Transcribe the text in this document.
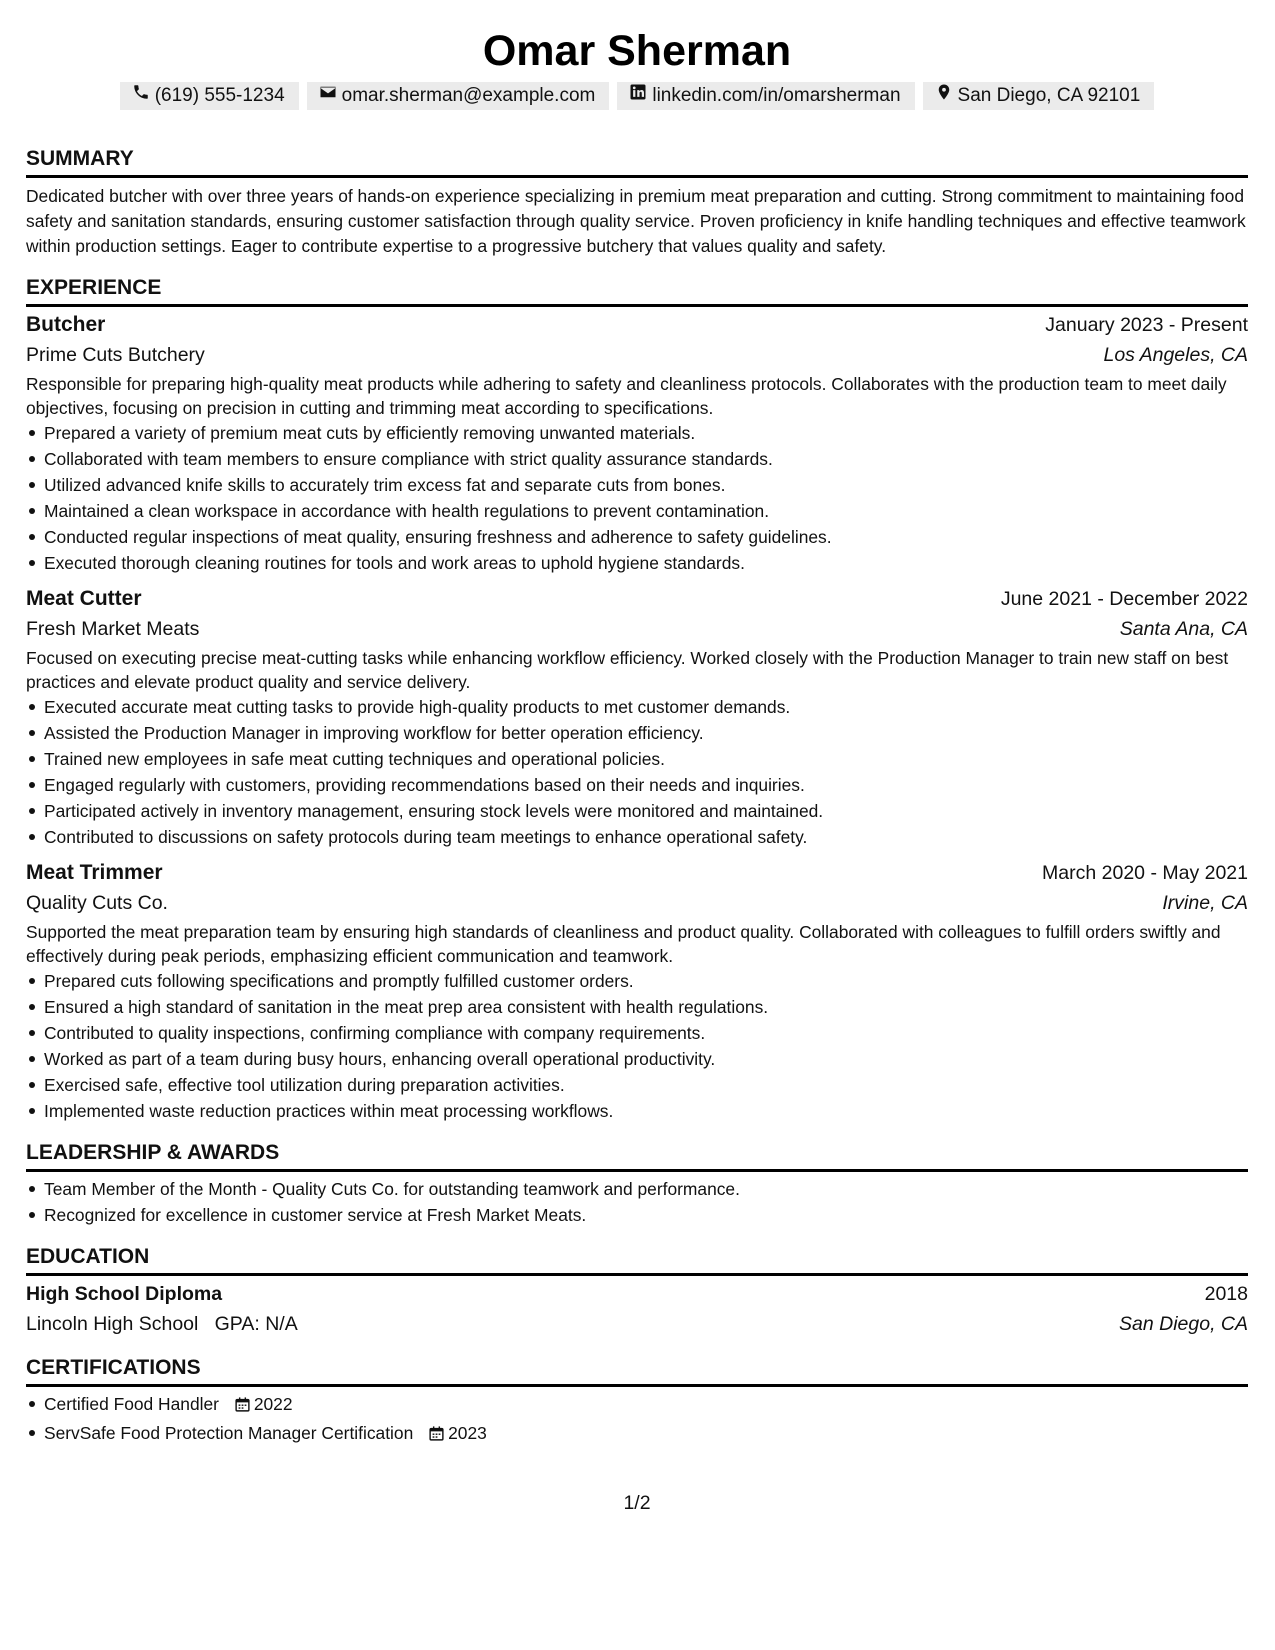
Omar Sherman
(619) 555-1234	omar.sherman@example.com	linkedin.com/in/omarsherman	San Diego, CA 92101
SUMMARY

Dedicated butcher with over three years of hands-on experience specializing in premium meat preparation and cutting. Strong commitment to maintaining food safety and sanitation standards, ensuring customer satisfaction through quality service. Proven proficiency in knife handling techniques and effective teamwork within production settings. Eager to contribute expertise to a progressive butchery that values quality and safety.

EXPERIENCE
Butcher	January 2023 - Present
Prime Cuts Butchery	Los Angeles, CA

Responsible for preparing high-quality meat products while adhering to safety and cleanliness protocols. Collaborates with the production team to meet daily objectives, focusing on precision in cutting and trimming meat according to specifications.

Prepared a variety of premium meat cuts by efficiently removing unwanted materials.
Collaborated with team members to ensure compliance with strict quality assurance standards.
Utilized advanced knife skills to accurately trim excess fat and separate cuts from bones.
Maintained a clean workspace in accordance with health regulations to prevent contamination.
Conducted regular inspections of meat quality, ensuring freshness and adherence to safety guidelines.
Executed thorough cleaning routines for tools and work areas to uphold hygiene standards.
Meat Cutter	June 2021 - December 2022
Fresh Market Meats	Santa Ana, CA

Focused on executing precise meat-cutting tasks while enhancing workflow efficiency. Worked closely with the Production Manager to train new staff on best practices and elevate product quality and service delivery.

Executed accurate meat cutting tasks to provide high-quality products to met customer demands.
Assisted the Production Manager in improving workflow for better operation efficiency.
Trained new employees in safe meat cutting techniques and operational policies.
Engaged regularly with customers, providing recommendations based on their needs and inquiries.
Participated actively in inventory management, ensuring stock levels were monitored and maintained.
Contributed to discussions on safety protocols during team meetings to enhance operational safety.
Meat Trimmer	March 2020 - May 2021
Quality Cuts Co.	Irvine, CA

Supported the meat preparation team by ensuring high standards of cleanliness and product quality. Collaborated with colleagues to fulfill orders swiftly and effectively during peak periods, emphasizing efficient communication and teamwork.

Prepared cuts following specifications and promptly fulfilled customer orders.
Ensured a high standard of sanitation in the meat prep area consistent with health regulations.
Contributed to quality inspections, confirming compliance with company requirements.
Worked as part of a team during busy hours, enhancing overall operational productivity.
Exercised safe, effective tool utilization during preparation activities.
Implemented waste reduction practices within meat processing workflows.
LEADERSHIP & AWARDS
Team Member of the Month - Quality Cuts Co. for outstanding teamwork and performance.
Recognized for excellence in customer service at Fresh Market Meats.
EDUCATION
High School Diploma	2018
Lincoln High School GPA: N/A	San Diego, CA
CERTIFICATIONS
Certified Food Handler 2022
ServSafe Food Protection Manager Certification 2023
1/2
